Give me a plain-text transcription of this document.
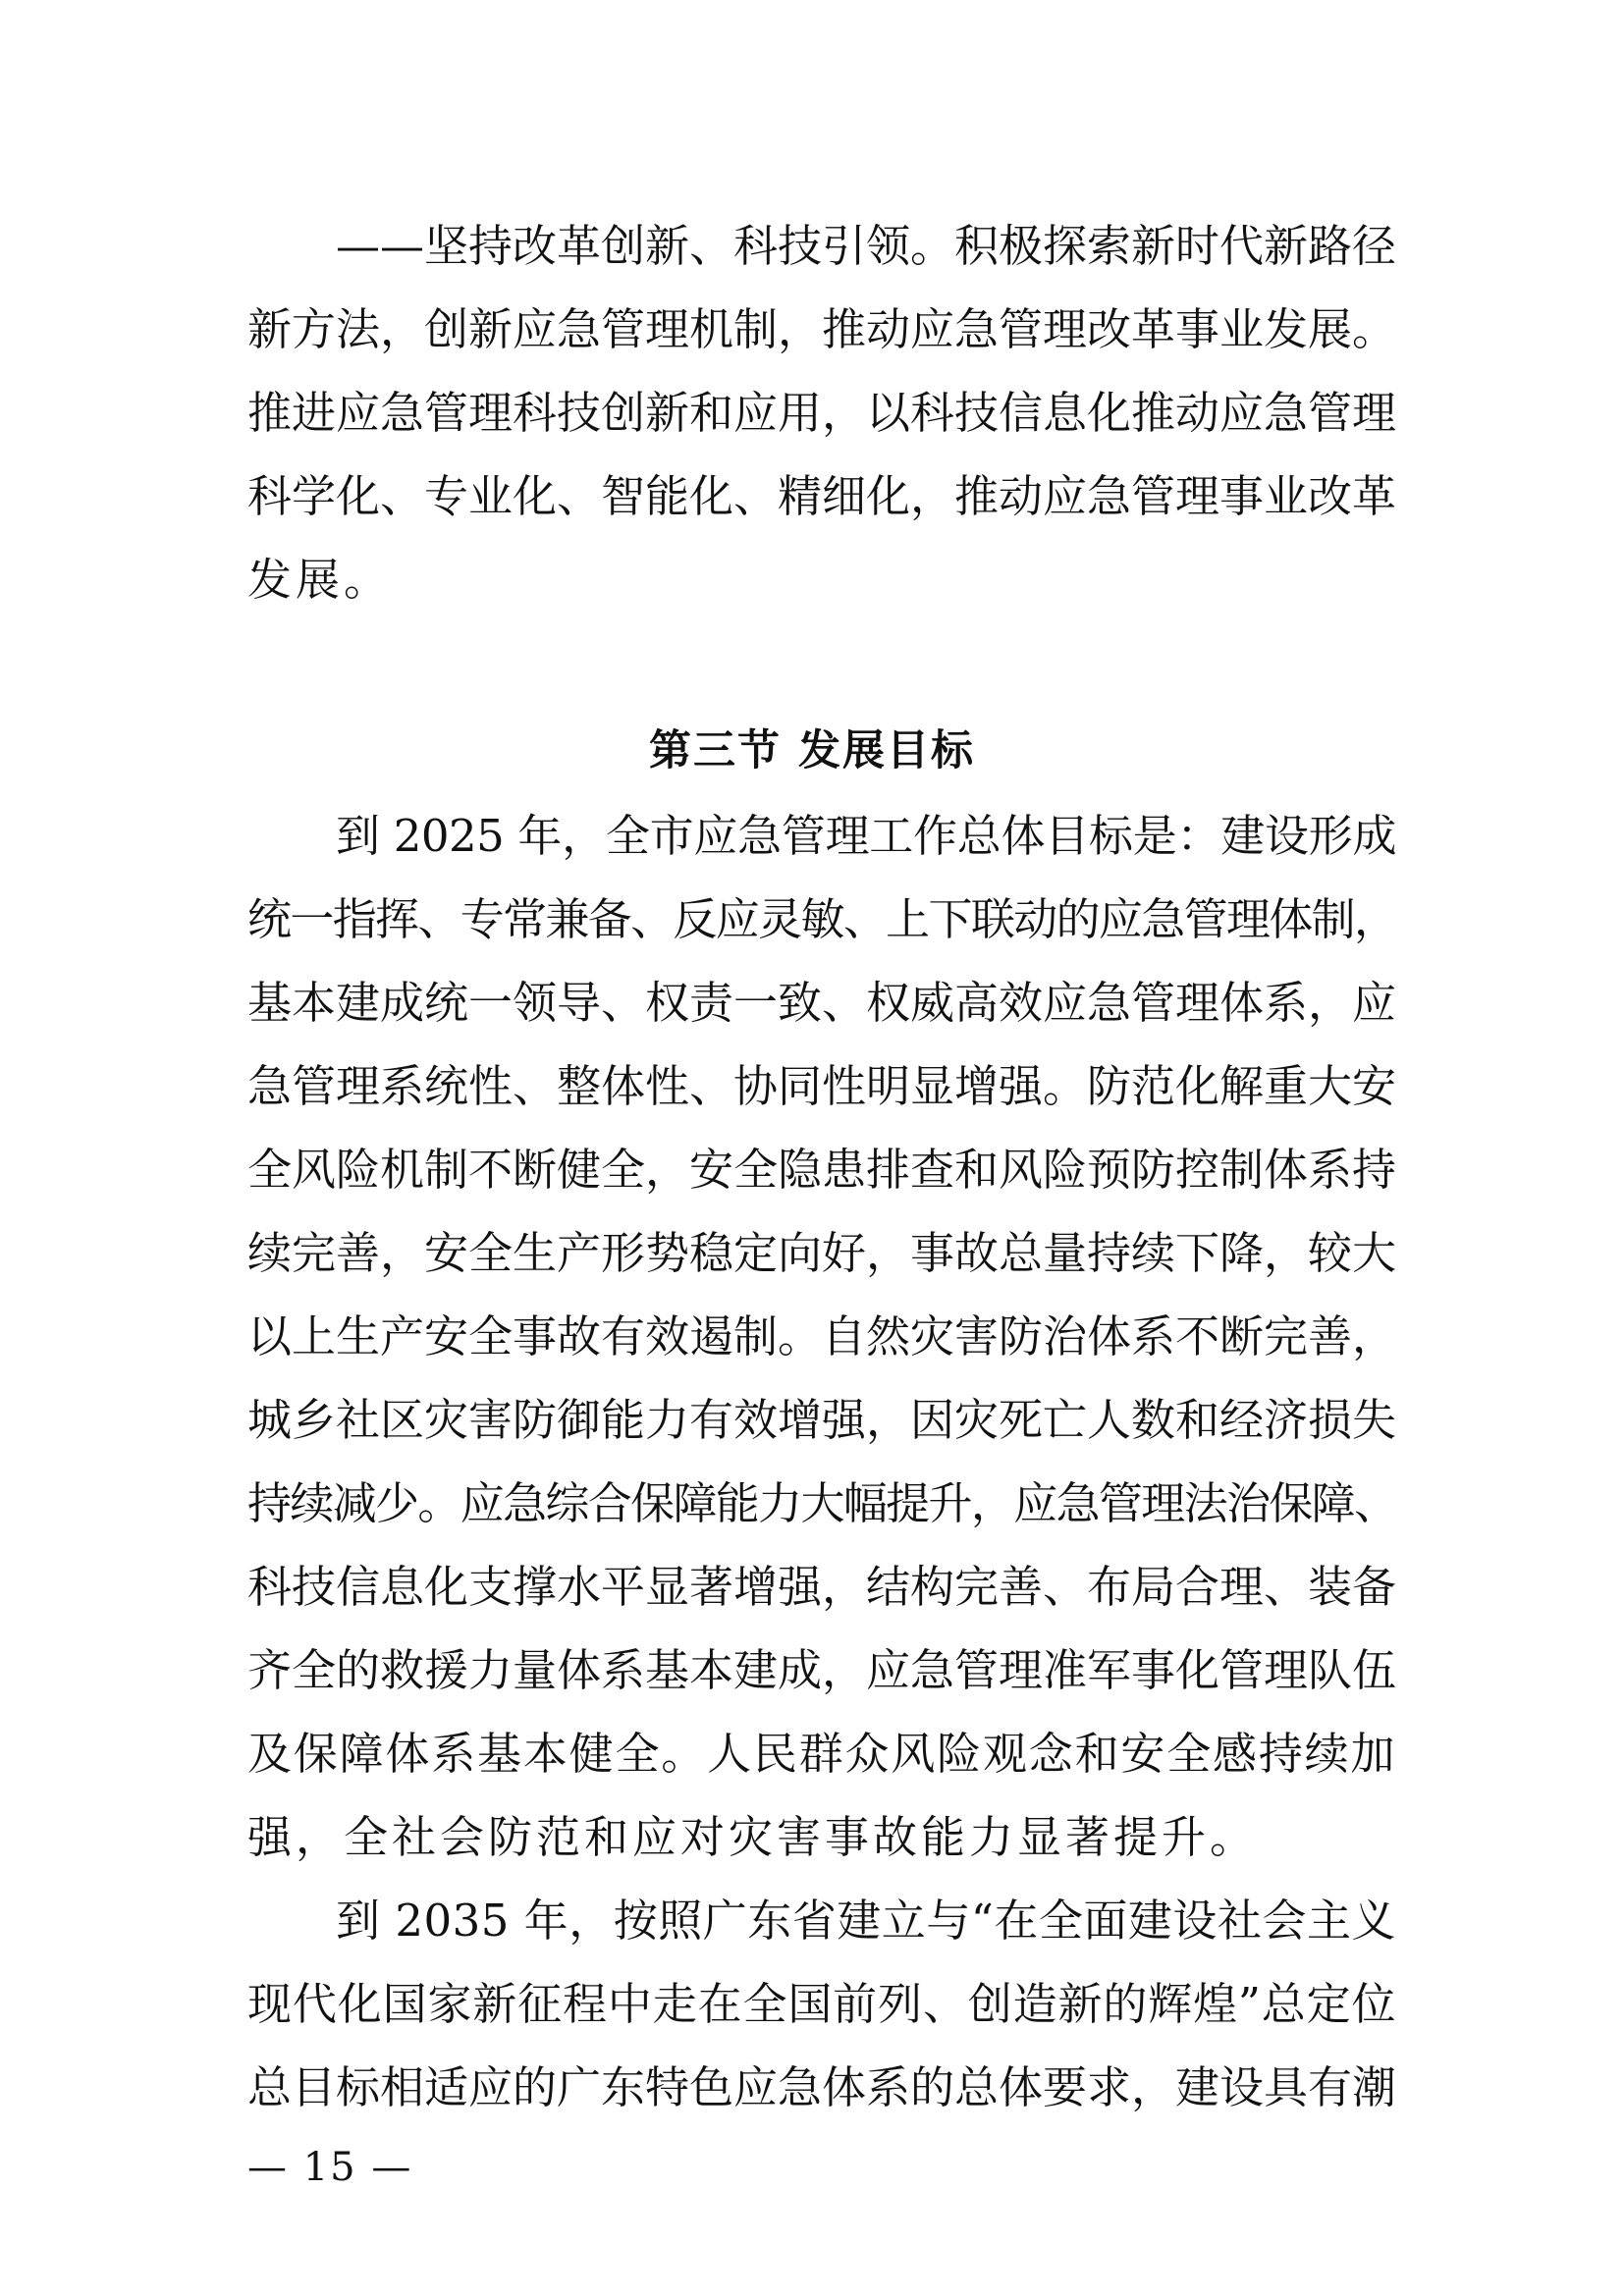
——坚持改革创新、科技引领。积极探索新时代新路径
新方法，创新应急管理机制，推动应急管理改革事业发展。
推进应急管理科技创新和应用，以科技信息化推动应急管理
科学化、专业化、智能化、精细化，推动应急管理事业改革
发展。
第三节 发展目标
到 2025 年，全市应急管理工作总体目标是：建设形成
统一指挥、专常兼备、反应灵敏、上下联动的应急管理体制，
基本建成统一领导、权责一致、权威高效应急管理体系，应
急管理系统性、整体性、协同性明显增强。防范化解重大安
全风险机制不断健全，安全隐患排查和风险预防控制体系持
续完善，安全生产形势稳定向好，事故总量持续下降，较大
以上生产安全事故有效遏制。自然灾害防治体系不断完善，
城乡社区灾害防御能力有效增强，因灾死亡人数和经济损失
持续减少。应急综合保障能力大幅提升，应急管理法治保障、
科技信息化支撑水平显著增强，结构完善、布局合理、装备
齐全的救援力量体系基本建成，应急管理准军事化管理队伍
及保障体系基本健全。人民群众风险观念和安全感持续加
强，全社会防范和应对灾害事故能力显著提升。
到 2035 年，按照广东省建立与“在全面建设社会主义
现代化国家新征程中走在全国前列、创造新的辉煌”总定位
总目标相适应的广东特色应急体系的总体要求，建设具有潮
— 15 —
